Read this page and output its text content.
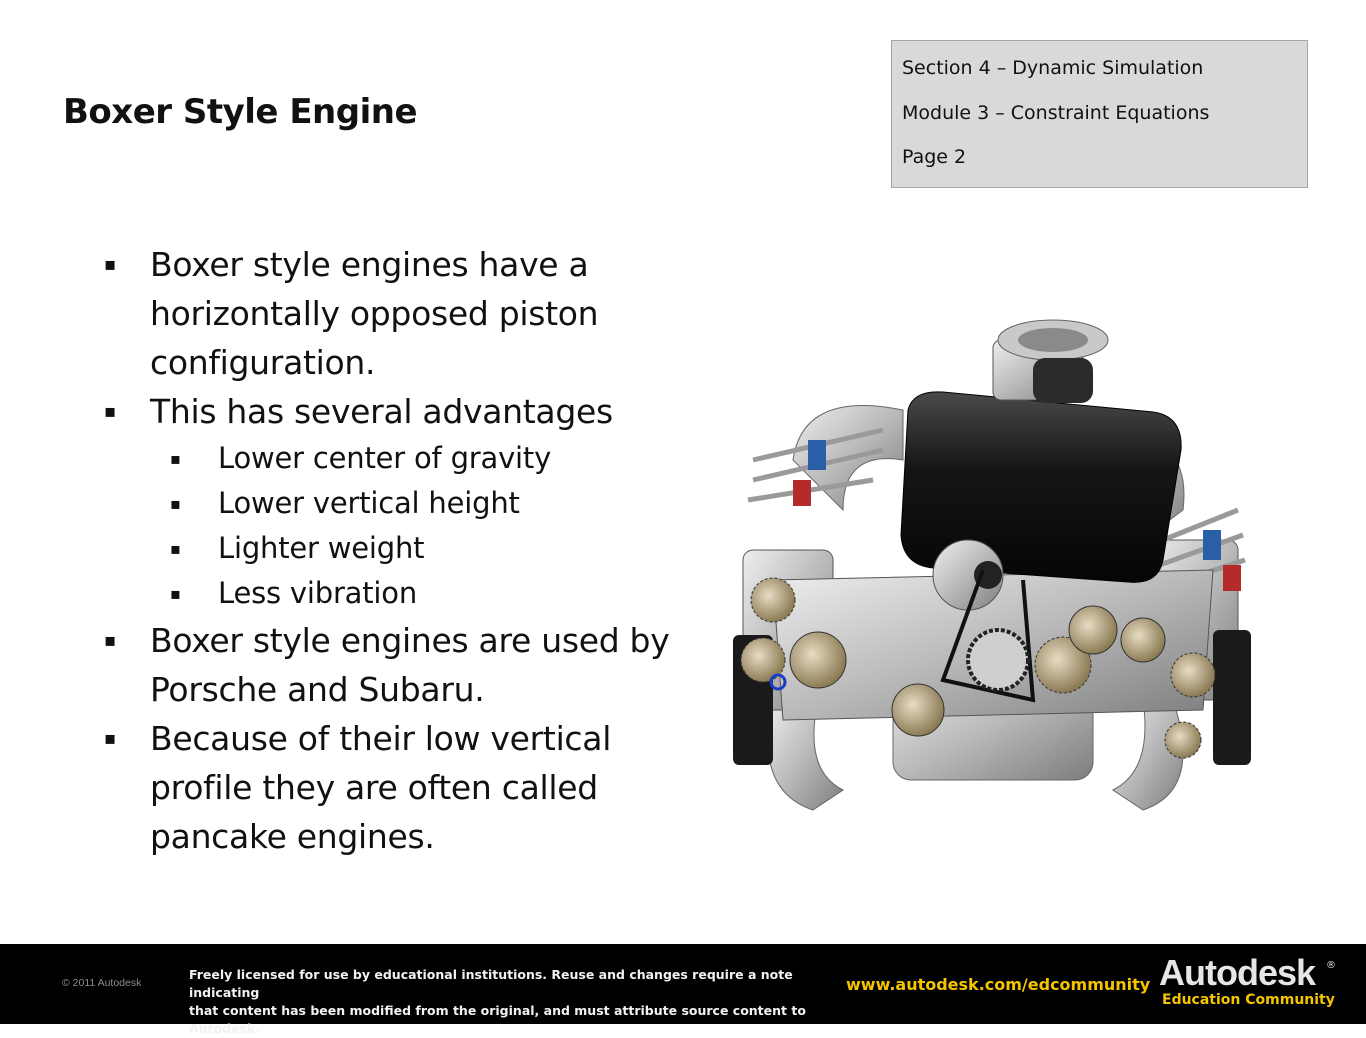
Boxer Style Engine
Section 4 – Dynamic Simulation
Module 3 – Constraint Equations
Page 2
▪ Boxer style engines have a horizontally opposed piston configuration.
▪ This has several advantages
▪ Lower center of gravity
▪ Lower vertical height
▪ Lighter weight
▪ Less vibration
▪ Boxer style engines are used by Porsche and Subaru.
▪ Because of their low vertical profile they are often called pancake engines.
© 2011 Autodesk
Freely licensed for use by educational institutions. Reuse and changes require a note indicating
that content has been modified from the original, and must attribute source content to Autodesk.
www.autodesk.com/edcommunity Autodesk ®
Education Community
